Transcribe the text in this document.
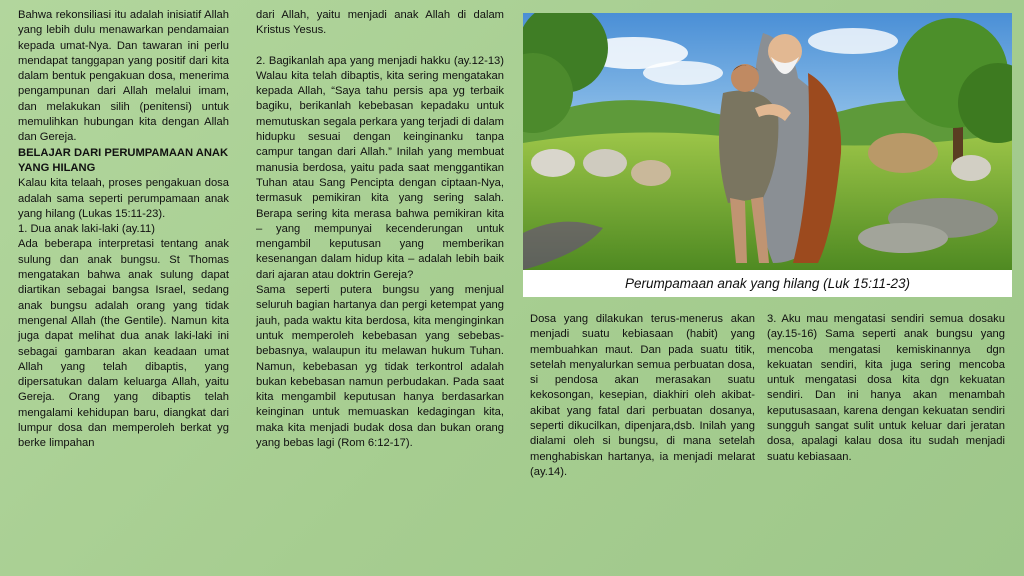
Bahwa rekonsiliasi itu adalah inisiatif Allah yang lebih dulu menawarkan pendamaian kepada umat-Nya. Dan tawaran ini perlu mendapat tanggapan yang positif dari kita dalam bentuk pengakuan dosa, menerima pengampunan dari Allah melalui imam, dan melakukan silih (penitensi) untuk memulihkan hubungan kita dengan Allah dan Gereja.

BELAJAR DARI PERUMPAMAAN ANAK YANG HILANG

Kalau kita telaah, proses pengakuan dosa adalah sama seperti perumpamaan anak yang hilang (Lukas 15:11-23).

1. Dua anak laki-laki (ay.11)

Ada beberapa interpretasi tentang anak sulung dan anak bungsu. St Thomas mengatakan bahwa anak sulung dapat diartikan sebagai bangsa Israel, sedang anak bungsu adalah orang yang tidak mengenal Allah (the Gentile). Namun kita juga dapat melihat dua anak laki-laki ini sebagai gambaran akan keadaan umat Allah yang telah dibaptis, yang dipersatukan dalam keluarga Allah, yaitu Gereja. Orang yang dibaptis telah mengalami kehidupan baru, diangkat dari lumpur dosa dan memperoleh berkat yg berke limpahan

dari Allah, yaitu menjadi anak Allah di dalam Kristus Yesus.

2. Bagikanlah apa yang menjadi hakku (ay.12-13) Walau kita telah dibaptis, kita sering mengatakan kepada Allah, “Saya tahu persis apa yg terbaik bagiku, berikanlah kebebasan kepadaku untuk memutuskan segala perkara yang terjadi di dalam hidupku sesuai dengan keinginanku tanpa campur tangan dari Allah.” Inilah yang membuat manusia berdosa, yaitu pada saat menggantikan Tuhan atau Sang Pencipta dengan ciptaan-Nya, termasuk pemikiran kita yang sering salah. Berapa sering kita merasa bahwa pemikiran kita – yang mempunyai kecenderungan untuk mengambil keputusan yang memberikan kesenangan dalam hidup kita – adalah lebih baik dari ajaran atau doktrin Gereja?

Sama seperti putera bungsu yang menjual seluruh bagian hartanya dan pergi ketempat yang jauh, pada waktu kita berdosa, kita menginginkan untuk memperoleh kebebasan yang sebebas-bebasnya, walaupun itu melawan hukum Tuhan. Namun, kebebasan yg tidak terkontrol adalah bukan kebebasan namun perbudakan. Pada saat kita mengambil keputusan hanya berdasarkan keinginan untuk memuaskan kedagingan kita, maka kita menjadi budak dosa dan bukan orang yang bebas lagi (Rom 6:12-17).

Perumpamaan anak yang hilang (Luk 15:11-23)

Dosa yang dilakukan terus-menerus akan menjadi suatu kebiasaan (habit) yang membuahkan maut. Dan pada suatu titik, setelah menyalurkan semua perbuatan dosa, si pendosa akan merasakan suatu kekosongan, kesepian, diakhiri oleh akibat-akibat yang fatal dari perbuatan dosanya, seperti dikucilkan, dipenjara,dsb. Inilah yang dialami oleh si bungsu, di mana setelah menghabiskan hartanya, ia menjadi melarat (ay.14).

3. Aku mau mengatasi sendiri semua dosaku (ay.15-16) Sama seperti anak bungsu yang mencoba mengatasi kemiskinannya dgn kekuatan sendiri, kita juga sering mencoba untuk mengatasi dosa kita dgn kekuatan sendiri. Dan ini hanya akan menambah keputusasaan, karena dengan kekuatan sendiri sungguh sangat sulit untuk keluar dari jeratan dosa, apalagi kalau dosa itu sudah menjadi suatu kebiasaan.
